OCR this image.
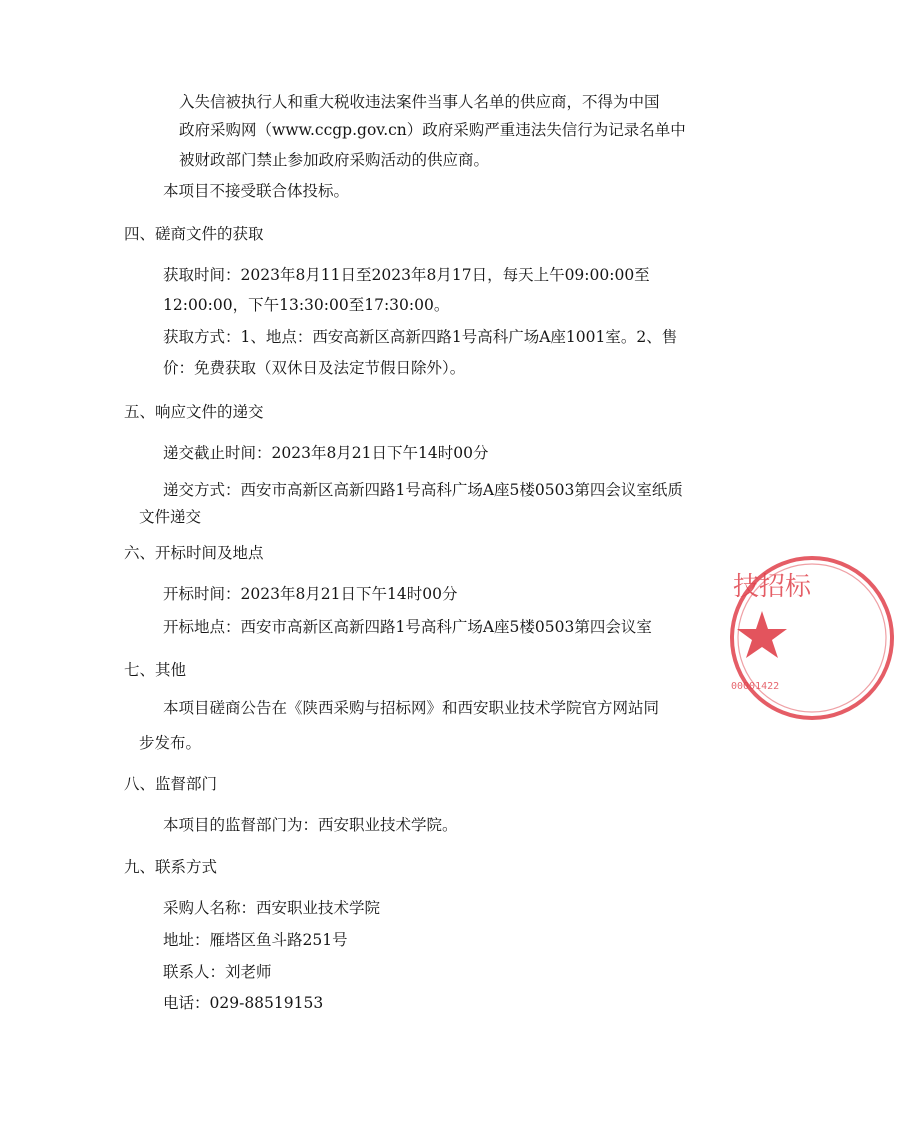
入失信被执行人和重大税收违法案件当事人名单的供应商，不得为中国
政府采购网（www.ccgp.gov.cn）政府采购严重违法失信行为记录名单中
被财政部门禁止参加政府采购活动的供应商。
本项目不接受联合体投标。
四、磋商文件的获取
获取时间：2023年8月11日至2023年8月17日，每天上午09:00:00至
12:00:00，下午13:30:00至17:30:00。
获取方式：1、地点：西安高新区高新四路1号高科广场A座1001室。2、售
价：免费获取（双休日及法定节假日除外）。
五、响应文件的递交
递交截止时间：2023年8月21日下午14时00分
递交方式：西安市高新区高新四路1号高科广场A座5楼0503第四会议室纸质
文件递交
六、开标时间及地点
开标时间：2023年8月21日下午14时00分
开标地点：西安市高新区高新四路1号高科广场A座5楼0503第四会议室
七、其他
本项目磋商公告在《陕西采购与招标网》和西安职业技术学院官方网站同
步发布。
八、监督部门
本项目的监督部门为：西安职业技术学院。
九、联系方式
采购人名称：西安职业技术学院
地址：雁塔区鱼斗路251号
联系人：刘老师
电话：029-88519153
技招标
00001422
